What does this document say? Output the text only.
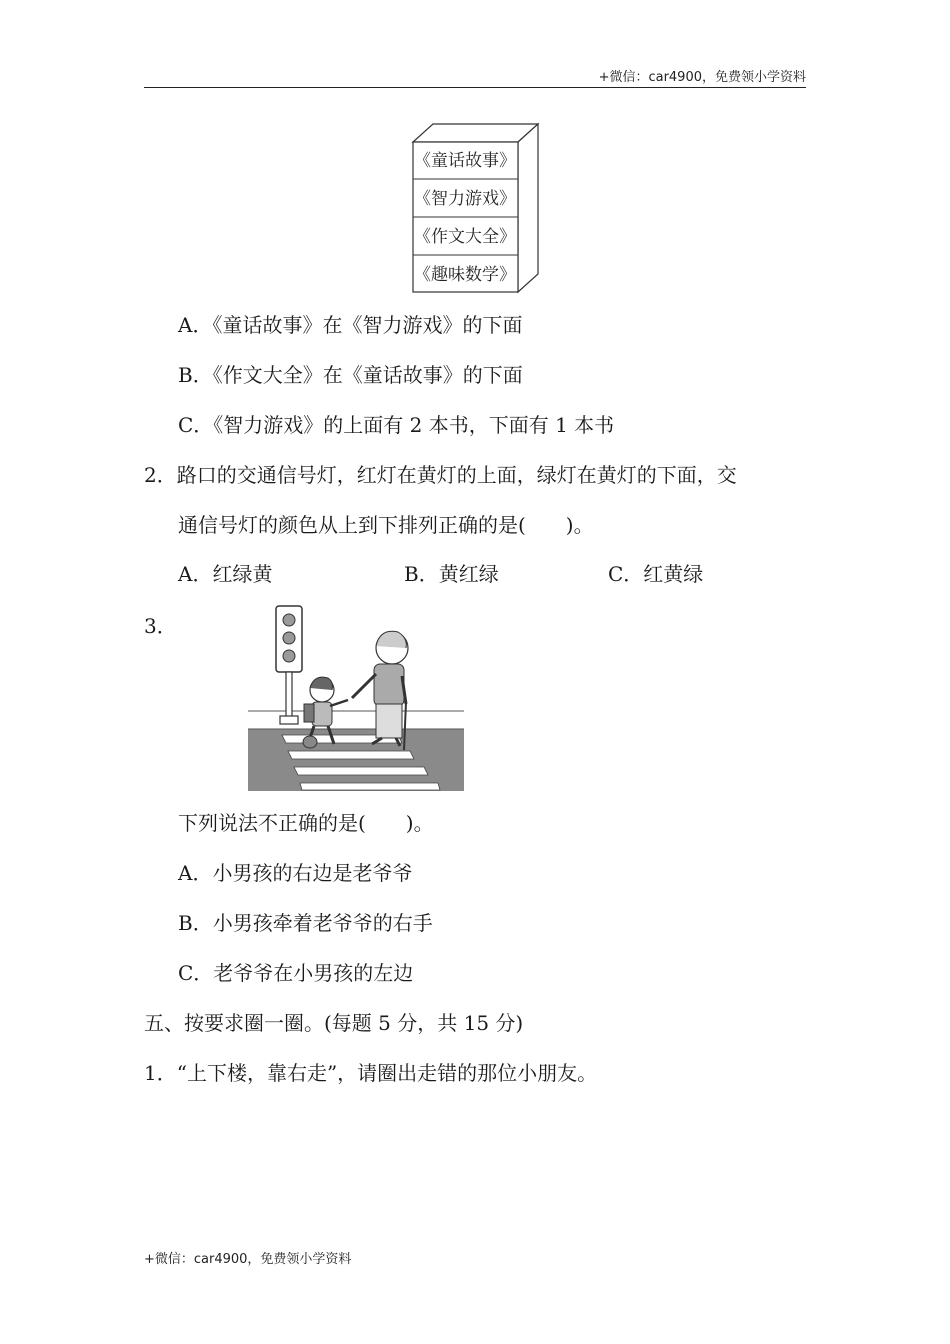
+微信：car4900，免费领小学资料
《童话故事》
《智力游戏》
《作文大全》
《趣味数学》
A．《童话故事》在《智力游戏》的下面
B．《作文大全》在《童话故事》的下面
C．《智力游戏》的上面有 2 本书，下面有 1 本书
2．路口的交通信号灯，红灯在黄灯的上面，绿灯在黄灯的下面，交
通信号灯的颜色从上到下排列正确的是(　　)。
A．红绿黄	B．黄红绿	C．红黄绿
3．
下列说法不正确的是(　　)。
A．小男孩的右边是老爷爷
B．小男孩牵着老爷爷的右手
C．老爷爷在小男孩的左边
五、按要求圈一圈。(每题 5 分，共 15 分)
1．“上下楼，靠右走”，请圈出走错的那位小朋友。
+微信：car4900，免费领小学资料
